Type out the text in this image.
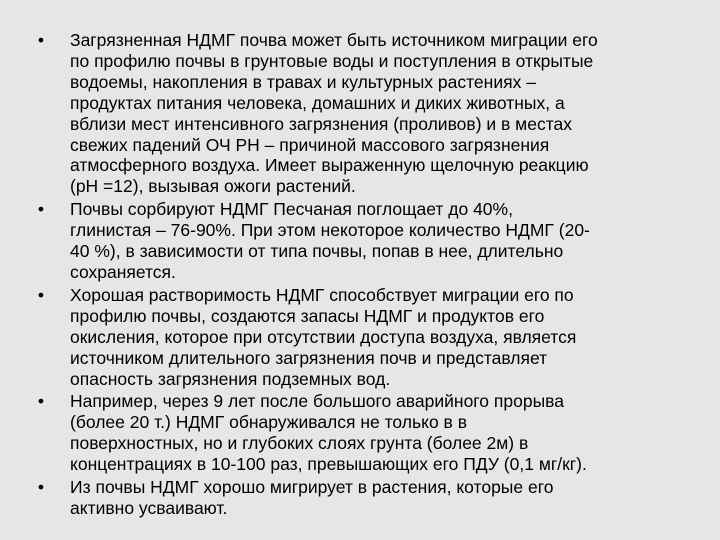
• Загрязненная НДМГ почва может быть источником миграции его
по профилю почвы в грунтовые воды и поступления в открытые
водоемы, накопления в травах и культурных растениях –
продуктах питания человека, домашних и диких животных, а
вблизи мест интенсивного загрязнения (проливов) и в местах
свежих падений ОЧ РН – причиной массового загрязнения
атмосферного воздуха. Имеет выраженную щелочную реакцию
(pH =12), вызывая ожоги растений.
• Почвы сорбируют НДМГ Песчаная поглощает до 40%,
глинистая – 76-90%. При этом некоторое количество НДМГ (20-
40 %), в зависимости от типа почвы, попав в нее, длительно
сохраняется.
• Хорошая растворимость НДМГ способствует миграции его по
профилю почвы, создаются запасы НДМГ и продуктов его
окисления, которое при отсутствии доступа воздуха, является
источником длительного загрязнения почв и представляет
опасность загрязнения подземных вод.
• Например, через 9 лет после большого аварийного прорыва
(более 20 т.) НДМГ обнаруживался не только в в
поверхностных, но и глубоких слоях грунта (более 2м) в
концентрациях в 10-100 раз, превышающих его ПДУ (0,1 мг/кг).
• Из почвы НДМГ хорошо мигрирует в растения, которые его
активно усваивают.
